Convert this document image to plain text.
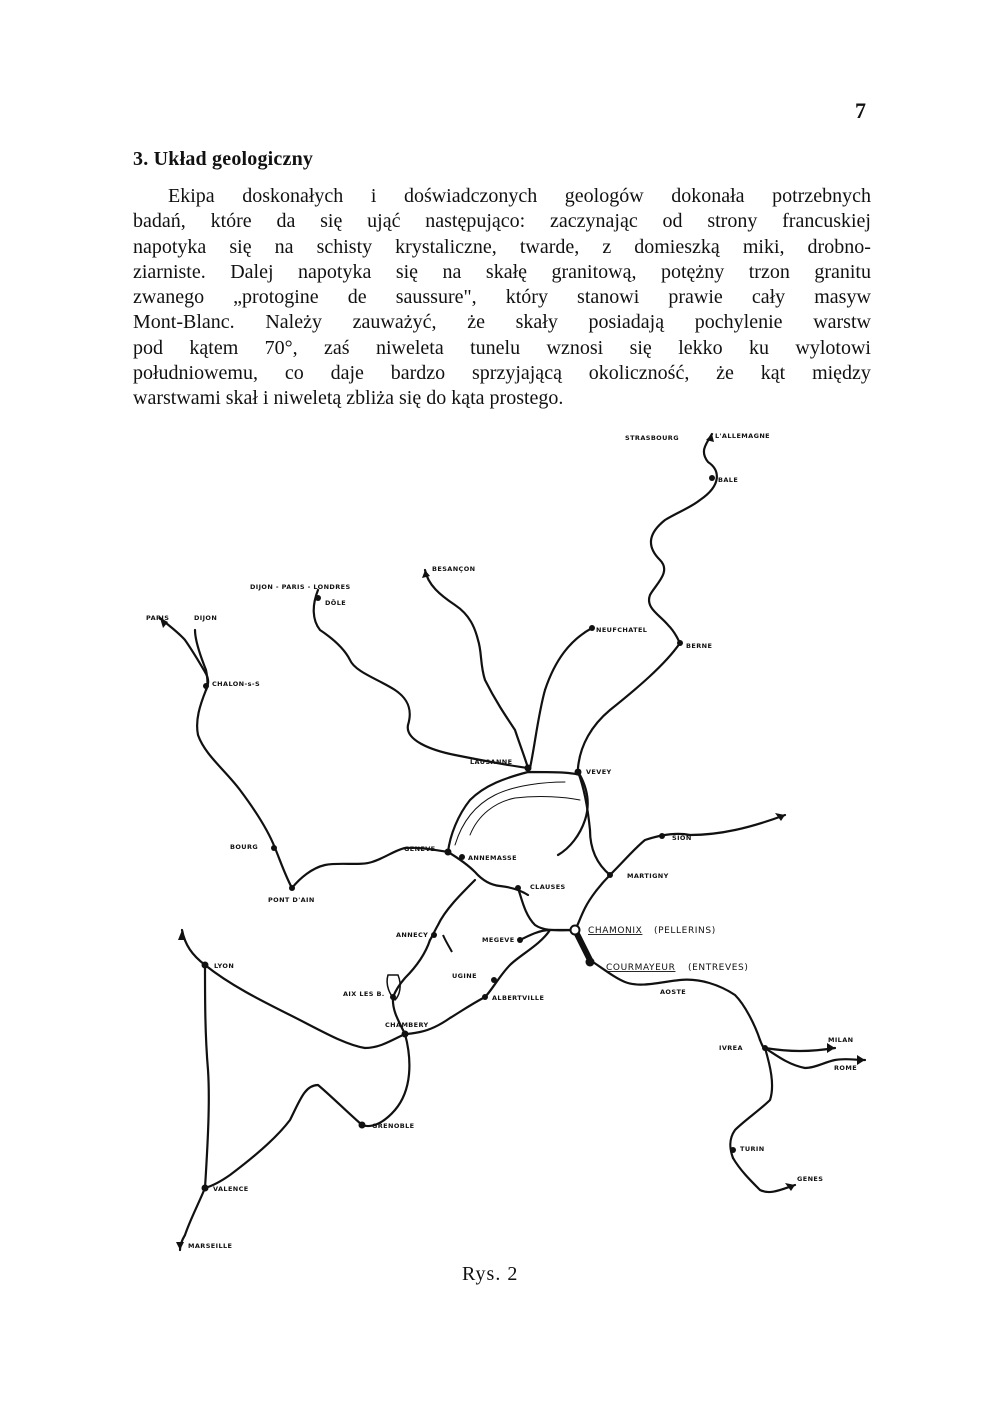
7
3. Układ geologiczny
Ekipa doskonałych i doświadczonych geologów dokonała potrzebnych
badań, które da się ująć następująco: zaczynając od strony francuskiej
napotyka się na schisty krystaliczne, twarde, z domieszką miki, drobno-
ziarniste. Dalej napotyka się na skałę granitową, potężny trzon granitu
zwanego „protogine de saussure", który stanowi prawie cały masyw
Mont-Blanc. Należy zauważyć, że skały posiadają pochylenie warstw
pod kątem 70°, zaś niweleta tunelu wznosi się lekko ku wylotowi
południowemu, co daje bardzo sprzyjającą okoliczność, że kąt między
warstwami skał i niweletą zbliża się do kąta prostego.
STRASBOURG	L'ALLEMAGNE
BALE
BESANÇON
DIJON - PARIS - LONDRES
DÔLE
PARIS	DIJON
NEUFCHATEL
BERNE
CHALON-s-S
LAUSANNE
VEVEY
SION
BOURG	GENEVE
ANNEMASSE
MARTIGNY
PONT D'AIN
CLAUSES
CHAMONIX (PELLERINS)
ANNECY
MEGEVE
COURMAYEUR (ENTREVES)
LYON
UGINE
AOSTE
AIX LES B.	ALBERTVILLE
CHAMBERY
MILAN
IVREA
ROME
GRENOBLE
TURIN
GENES
VALENCE
MARSEILLE
Rys. 2
